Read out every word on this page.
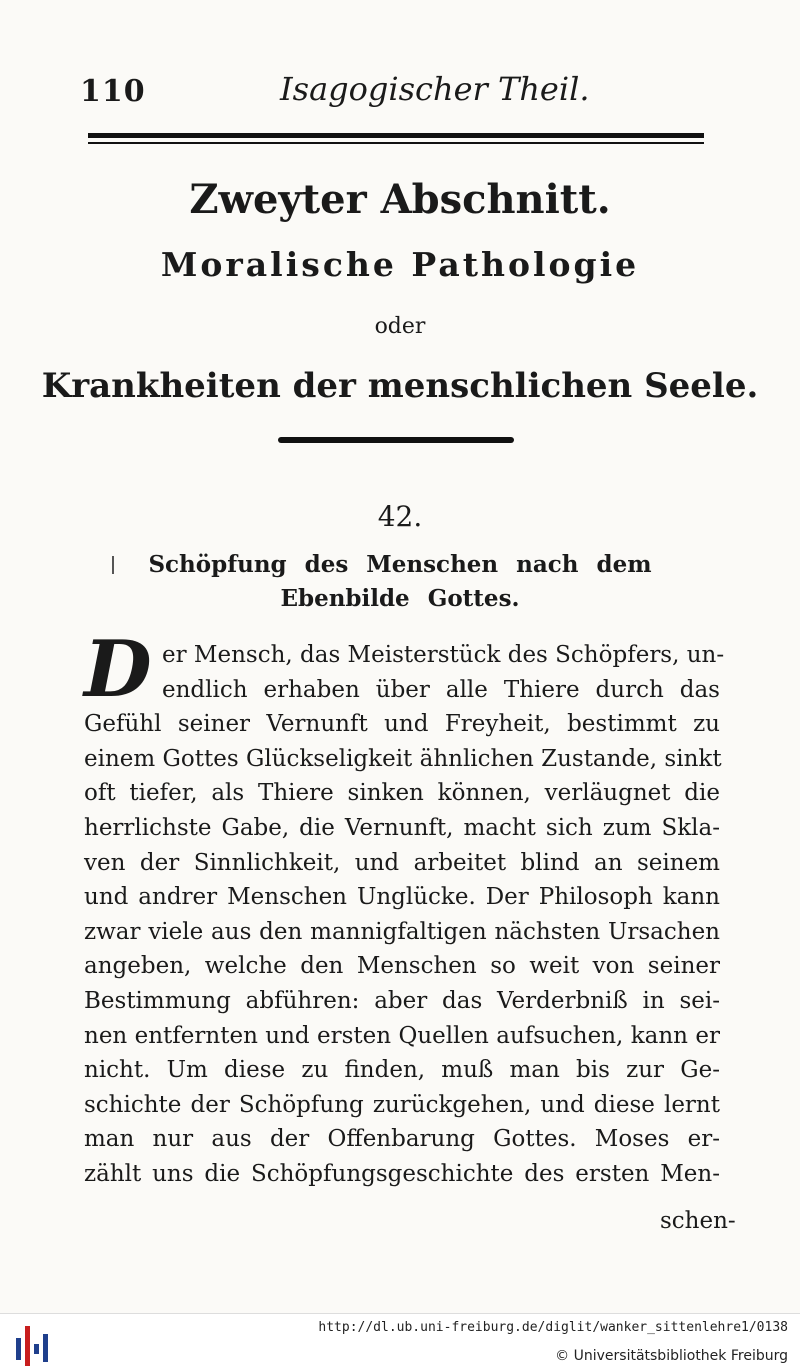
110	Isagogischer Theil.
Zweyter Abschnitt.
Moralische Pathologie
oder
Krankheiten der menschlichen Seele.
42.
Schöpfung des Menschen nach dem Ebenbilde Gottes.
D er Mensch, das Meisterstück des Schöpfers, un-
endlich erhaben über alle Thiere durch das
Gefühl seiner Vernunft und Freyheit, bestimmt zu
einem Gottes Glückseligkeit ähnlichen Zustande, sinkt
oft tiefer, als Thiere sinken können, verläugnet die
herrlichste Gabe, die Vernunft, macht sich zum Skla-
ven der Sinnlichkeit, und arbeitet blind an seinem
und andrer Menschen Unglücke. Der Philosoph kann
zwar viele aus den mannigfaltigen nächsten Ursachen
angeben, welche den Menschen so weit von seiner
Bestimmung abführen: aber das Verderbniß in sei-
nen entfernten und ersten Quellen aufsuchen, kann er
nicht. Um diese zu finden, muß man bis zur Ge-
schichte der Schöpfung zurückgehen, und diese lernt
man nur aus der Offenbarung Gottes. Moses er-
zählt uns die Schöpfungsgeschichte des ersten Men-
schen-
http://dl.ub.uni-freiburg.de/diglit/wanker_sittenlehre1/0138
© Universitätsbibliothek Freiburg
